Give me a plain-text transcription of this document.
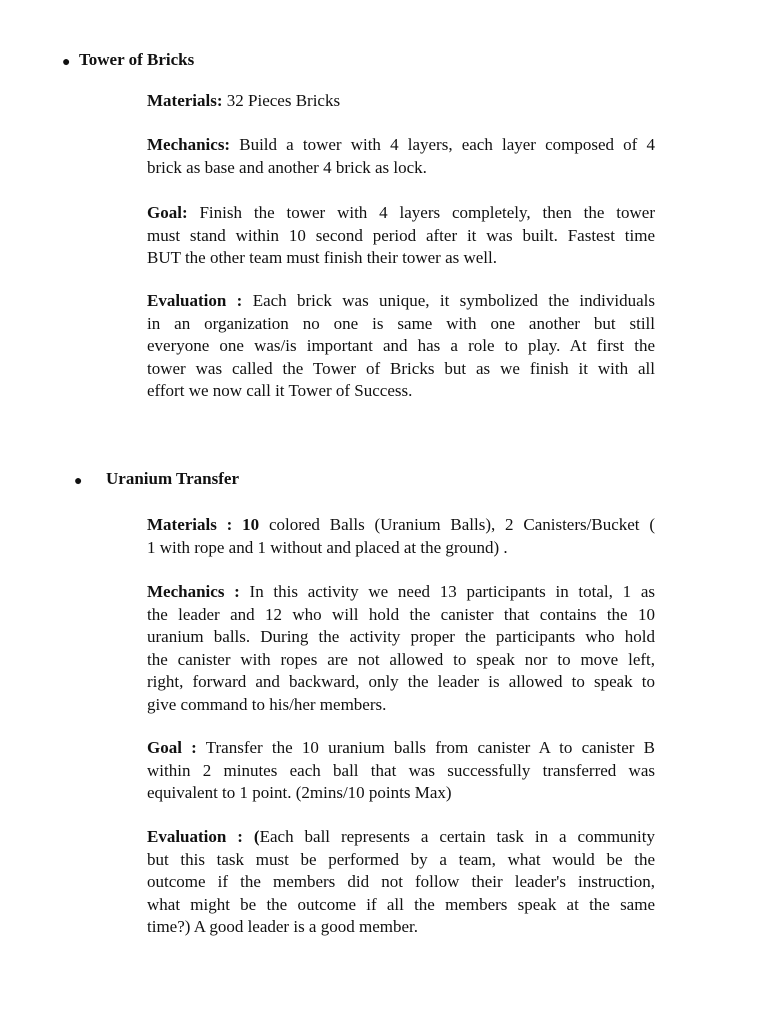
● Tower of Bricks
Materials: 32 Pieces Bricks
Mechanics: Build a tower with 4 layers, each layer composed of 4
brick as base and another 4 brick as lock.
Goal: Finish the tower with 4 layers completely, then the tower
must stand within 10 second period after it was built. Fastest time
BUT the other team must finish their tower as well.
Evaluation : Each brick was unique, it symbolized the individuals
in an organization no one is same with one another but still
everyone one was/is important and has a role to play. At first the
tower was called the Tower of Bricks but as we finish it with all
effort we now call it Tower of Success.
● Uranium Transfer
Materials : 10 colored Balls (Uranium Balls), 2 Canisters/Bucket (
1 with rope and 1 without and placed at the ground) .
Mechanics : In this activity we need 13 participants in total, 1 as
the leader and 12 who will hold the canister that contains the 10
uranium balls. During the activity proper the participants who hold
the canister with ropes are not allowed to speak nor to move left,
right, forward and backward, only the leader is allowed to speak to
give command to his/her members.
Goal : Transfer the 10 uranium balls from canister A to canister B
within 2 minutes each ball that was successfully transferred was
equivalent to 1 point. (2mins/10 points Max)
Evaluation : (Each ball represents a certain task in a community
but this task must be performed by a team, what would be the
outcome if the members did not follow their leader's instruction,
what might be the outcome if all the members speak at the same
time?) A good leader is a good member.
